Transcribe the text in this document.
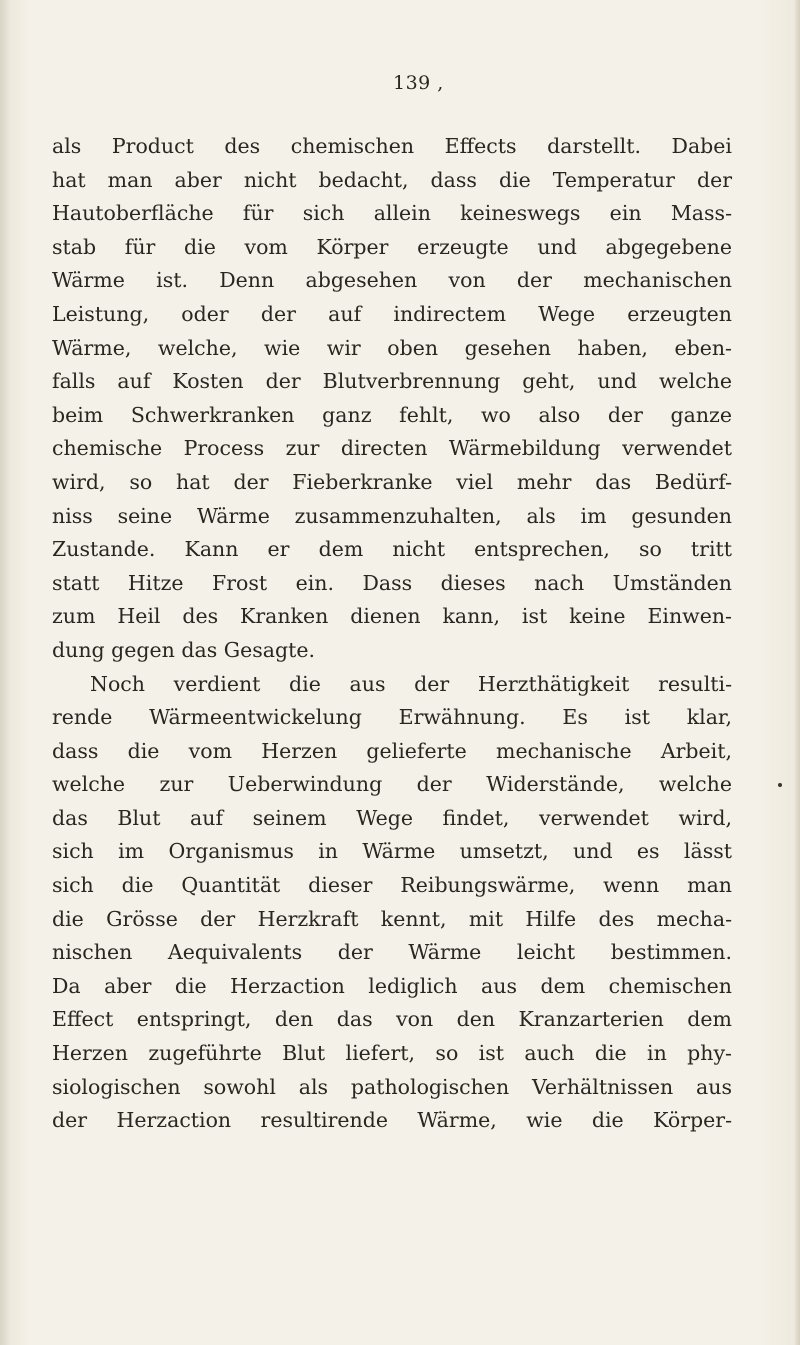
139 ,
als Product des chemischen Effects darstellt. Dabei
hat man aber nicht bedacht, dass die Temperatur der
Hautoberfläche für sich allein keineswegs ein Mass-
stab für die vom Körper erzeugte und abgegebene
Wärme ist. Denn abgesehen von der mechanischen
Leistung, oder der auf indirectem Wege erzeugten
Wärme, welche, wie wir oben gesehen haben, eben-
falls auf Kosten der Blutverbrennung geht, und welche
beim Schwerkranken ganz fehlt, wo also der ganze
chemische Process zur directen Wärmebildung verwendet
wird, so hat der Fieberkranke viel mehr das Bedürf-
niss seine Wärme zusammenzuhalten, als im gesunden
Zustande. Kann er dem nicht entsprechen, so tritt
statt Hitze Frost ein. Dass dieses nach Umständen
zum Heil des Kranken dienen kann, ist keine Einwen-
dung gegen das Gesagte.
Noch verdient die aus der Herzthätigkeit resulti-
rende Wärmeentwickelung Erwähnung. Es ist klar,
dass die vom Herzen gelieferte mechanische Arbeit,
welche zur Ueberwindung der Widerstände, welche
das Blut auf seinem Wege findet, verwendet wird,
sich im Organismus in Wärme umsetzt, und es lässt
sich die Quantität dieser Reibungswärme, wenn man
die Grösse der Herzkraft kennt, mit Hilfe des mecha-
nischen Aequivalents der Wärme leicht bestimmen.
Da aber die Herzaction lediglich aus dem chemischen
Effect entspringt, den das von den Kranzarterien dem
Herzen zugeführte Blut liefert, so ist auch die in phy-
siologischen sowohl als pathologischen Verhältnissen aus
der Herzaction resultirende Wärme, wie die Körper-
